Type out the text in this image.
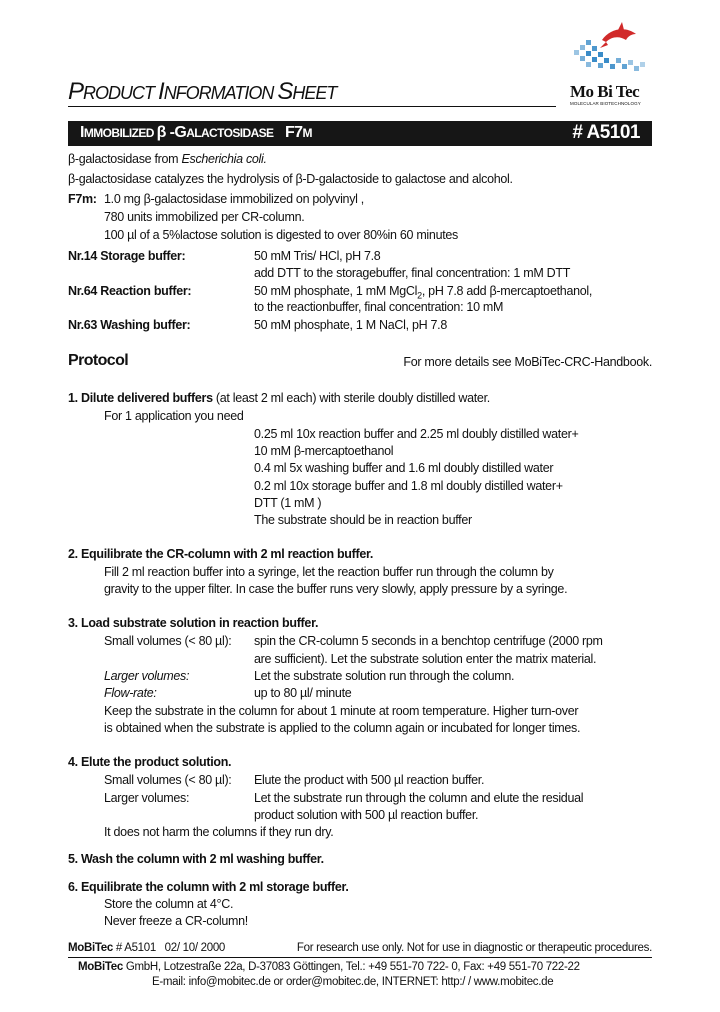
PRODUCT INFORMATION SHEET	Mo Bi Tec
MOLECULAR BIOTECHNOLOGY
IMMOBILIZED β -GALACTOSIDASE   F7M	# A5101
β-galactosidase from Escherichia coli.
β-galactosidase catalyzes the hydrolysis of β-D-galactoside to galactose and alcohol.
F7m: 1.0 mg β-galactosidase immobilized on polyvinyl ,
780 units immobilized per CR-column.
100 µl of a 5%lactose solution is digested to over 80%in 60 minutes
Nr.14 Storage buffer:	50 mM Tris/ HCl, pH 7.8
add DTT to the storagebuffer, final concentration: 1 mM DTT
Nr.64 Reaction buffer:	50 mM phosphate, 1 mM MgCl$_2$, pH 7.8 add β-mercaptoethanol,
to the reactionbuffer, final concentration: 10 mM
Nr.63 Washing buffer:	50 mM phosphate, 1 M NaCl, pH 7.8
Protocol	For more details see MoBiTec-CRC-Handbook.
1. Dilute delivered buffers (at least 2 ml each) with sterile doubly distilled water.
For 1 application you need
0.25 ml 10x reaction buffer and 2.25 ml doubly distilled water+
10 mM β-mercaptoethanol
0.4 ml 5x washing buffer and 1.6 ml doubly distilled water
0.2 ml 10x storage buffer and 1.8 ml doubly distilled water+
DTT (1 mM )
The substrate should be in reaction buffer
2. Equilibrate the CR-column with 2 ml reaction buffer.
Fill 2 ml reaction buffer into a syringe, let the reaction buffer run through the column by
gravity to the upper filter. In case the buffer runs very slowly, apply pressure by a syringe.
3. Load substrate solution in reaction buffer.
Small volumes (< 80 µl): spin the CR-column 5 seconds in a benchtop centrifuge (2000 rpm
are sufficient). Let the substrate solution enter the matrix material.
Larger volumes:	Let the substrate solution run through the column.
Flow-rate:	up to 80 µl/ minute
Keep the substrate in the column for about 1 minute at room temperature. Higher turn-over
is obtained when the substrate is applied to the column again or incubated for longer times.
4. Elute the product solution.
Small volumes (< 80 µl): Elute the product with 500 µl reaction buffer.
Larger volumes:	Let the substrate run through the column and elute the residual
product solution with 500 µl reaction buffer.
It does not harm the columns if they run dry.
5. Wash the column with 2 ml washing buffer.
6. Equilibrate the column with 2 ml storage buffer.
Store the column at 4°C.
Never freeze a CR-column!
MoBiTec # A5101   02/ 10/ 2000	For research use only. Not for use in diagnostic or therapeutic procedures.
MoBiTec GmbH, Lotzestraße 22a, D-37083 Göttingen, Tel.: +49 551-70 722- 0, Fax: +49 551-70 722-22
E-mail: info@mobitec.de or order@mobitec.de, INTERNET: http:/ / www.mobitec.de
